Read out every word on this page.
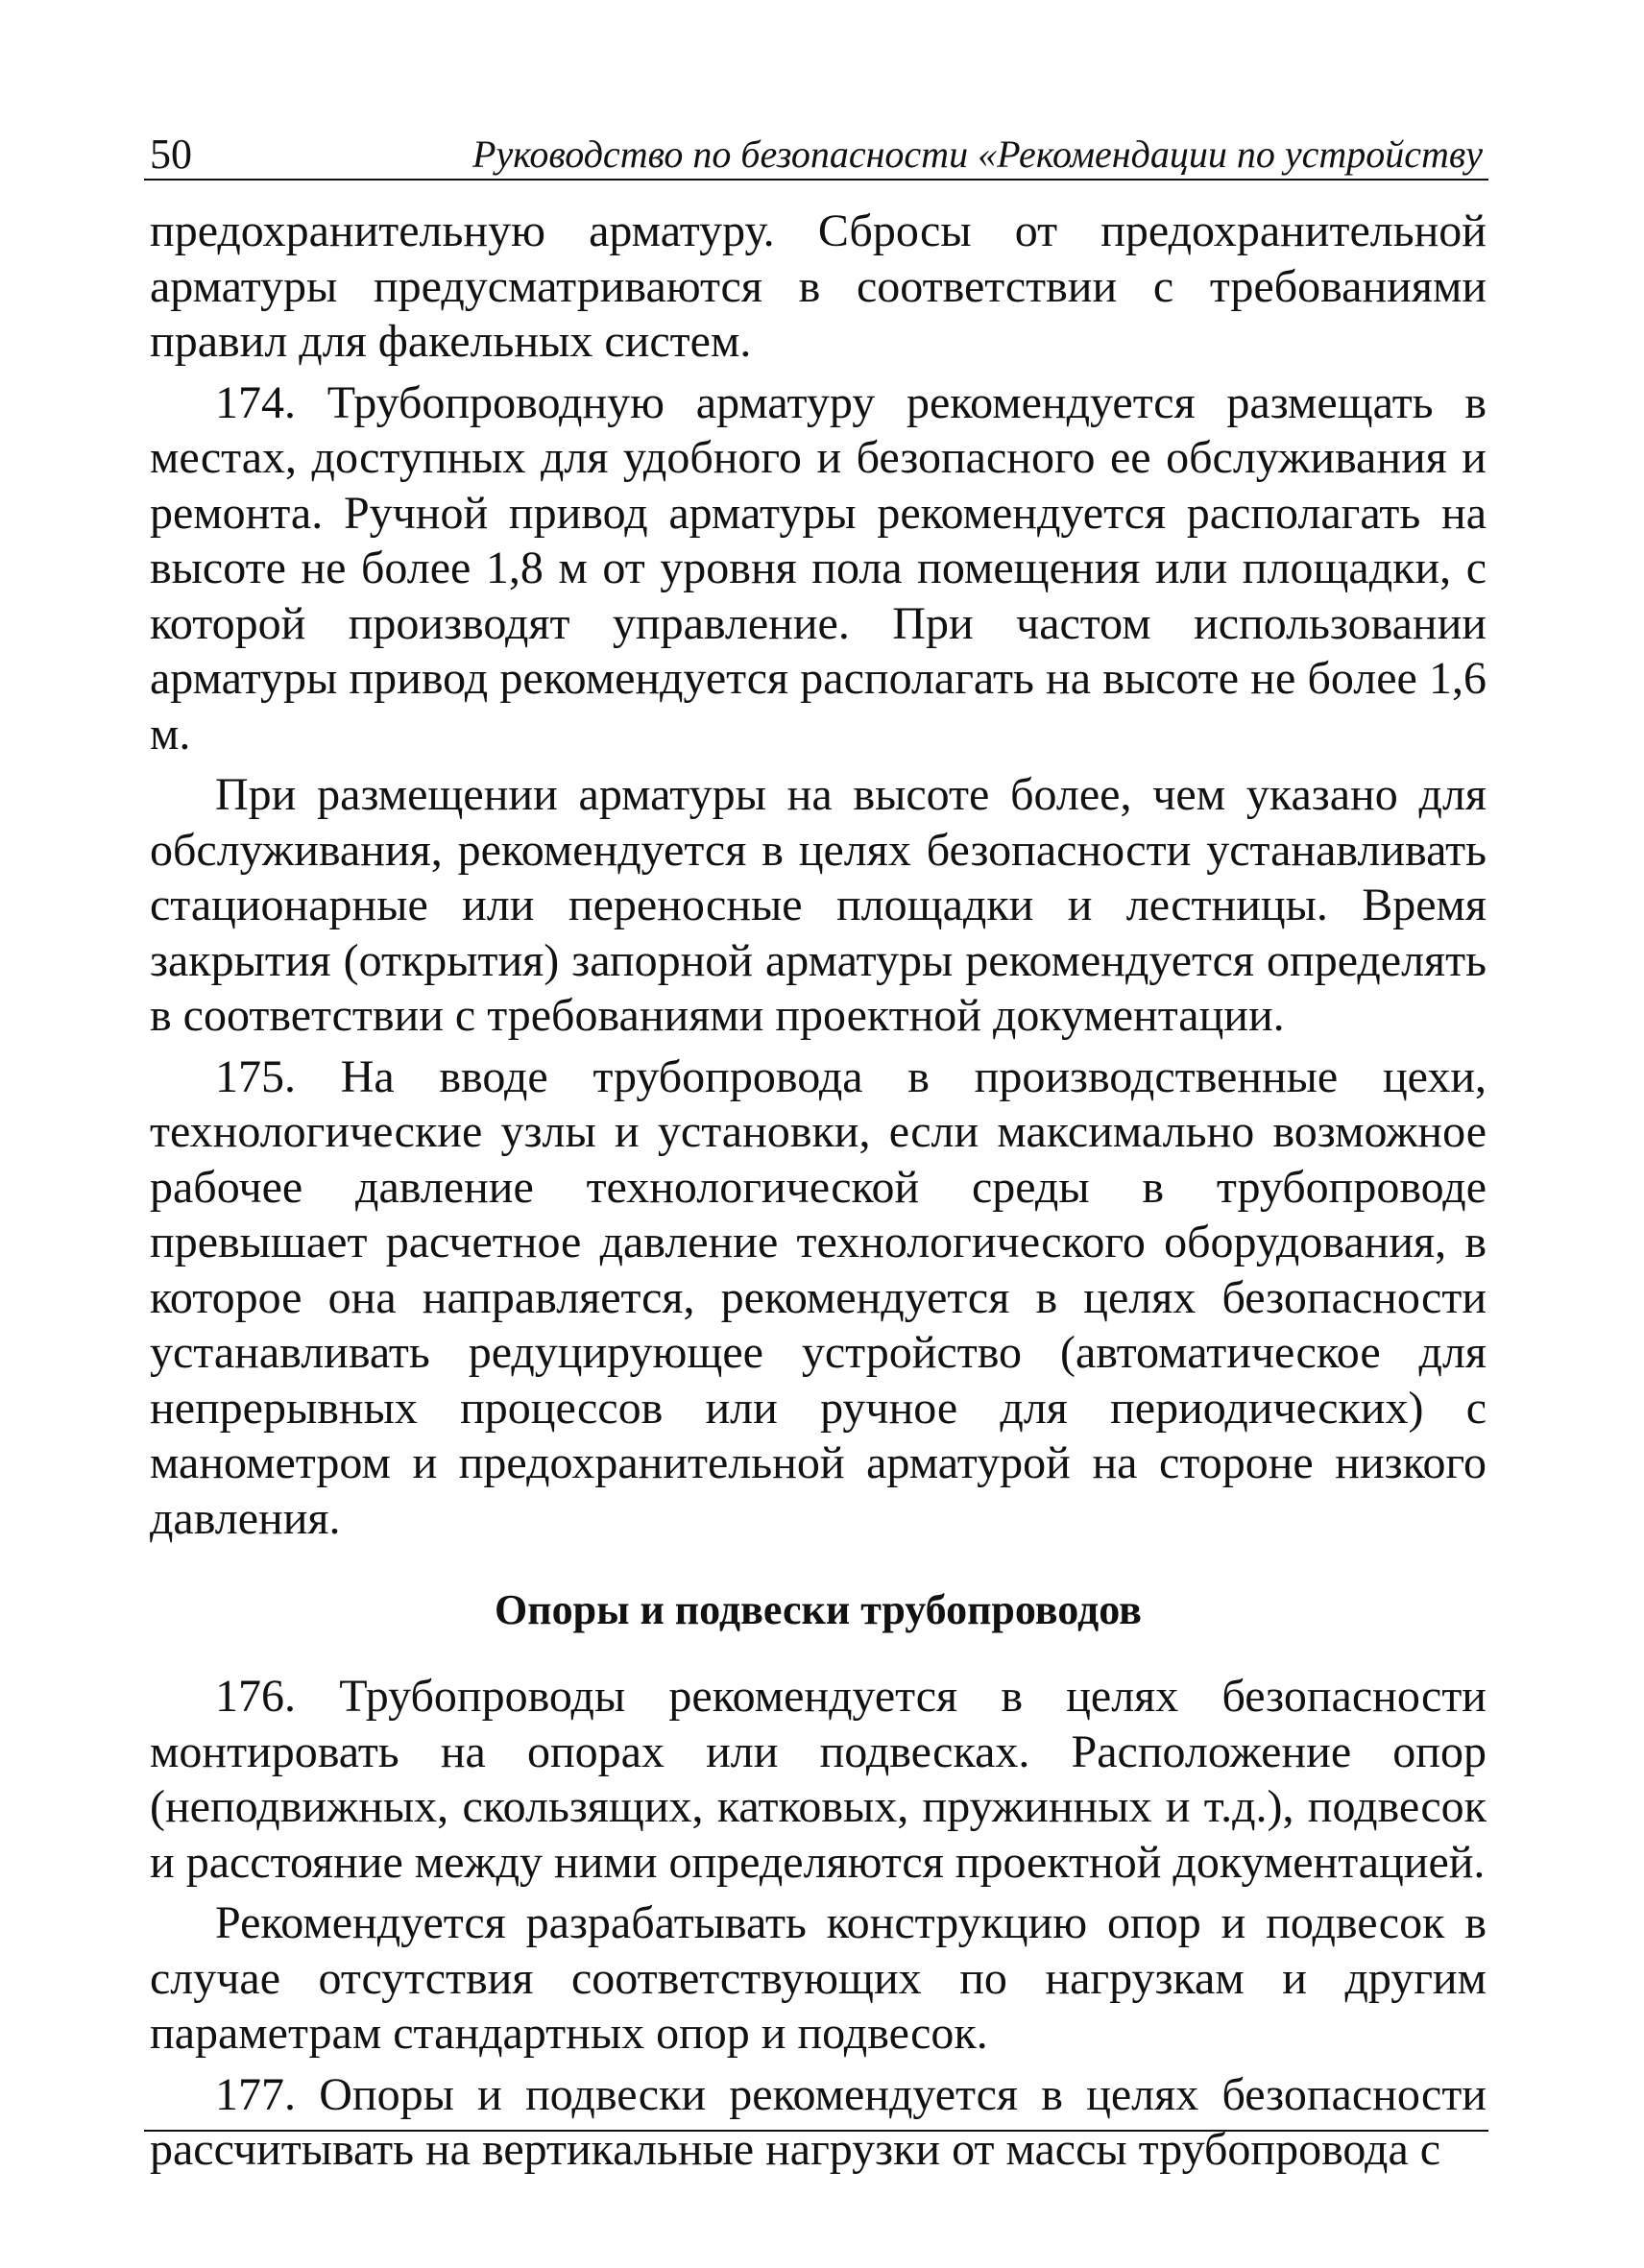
50	Руководство по безопасности «Рекомендации по устройству

предохранительную арматуру. Сбросы от предохранительной арматуры предусматриваются в соответствии с требованиями правил для факельных систем.

174. Трубопроводную арматуру рекомендуется размещать в местах, доступных для удобного и безопасного ее обслуживания и ремонта. Ручной привод арматуры рекомендуется располагать на высоте не более 1,8 м от уровня пола помещения или площадки, с которой производят управление. При частом использовании арматуры привод рекомендуется располагать на высоте не более 1,6 м.

При размещении арматуры на высоте более, чем указано для обслуживания, рекомендуется в целях безопасности устанавливать стационарные или переносные площадки и лестницы. Время закрытия (открытия) запорной арматуры рекомендуется определять в соответствии с требованиями проектной документации.

175. На вводе трубопровода в производственные цехи, технологические узлы и установки, если максимально возможное рабочее давление технологической среды в трубопроводе превышает расчетное давление технологического оборудования, в которое она направляется, рекомендуется в целях безопасности устанавливать редуцирующее устройство (автоматическое для непрерывных процессов или ручное для периодических) с манометром и предохранительной арматурой на стороне низкого давления.

Опоры и подвески трубопроводов

176. Трубопроводы рекомендуется в целях безопасности монтировать на опорах или подвесках. Расположение опор (неподвижных, скользящих, катковых, пружинных и т.д.), подвесок и расстояние между ними определяются проектной документацией.

Рекомендуется разрабатывать конструкцию опор и подвесок в случае отсутствия соответствующих по нагрузкам и другим параметрам стандартных опор и подвесок.

177. Опоры и подвески рекомендуется в целях безопасности рассчитывать на вертикальные нагрузки от массы трубопровода с
